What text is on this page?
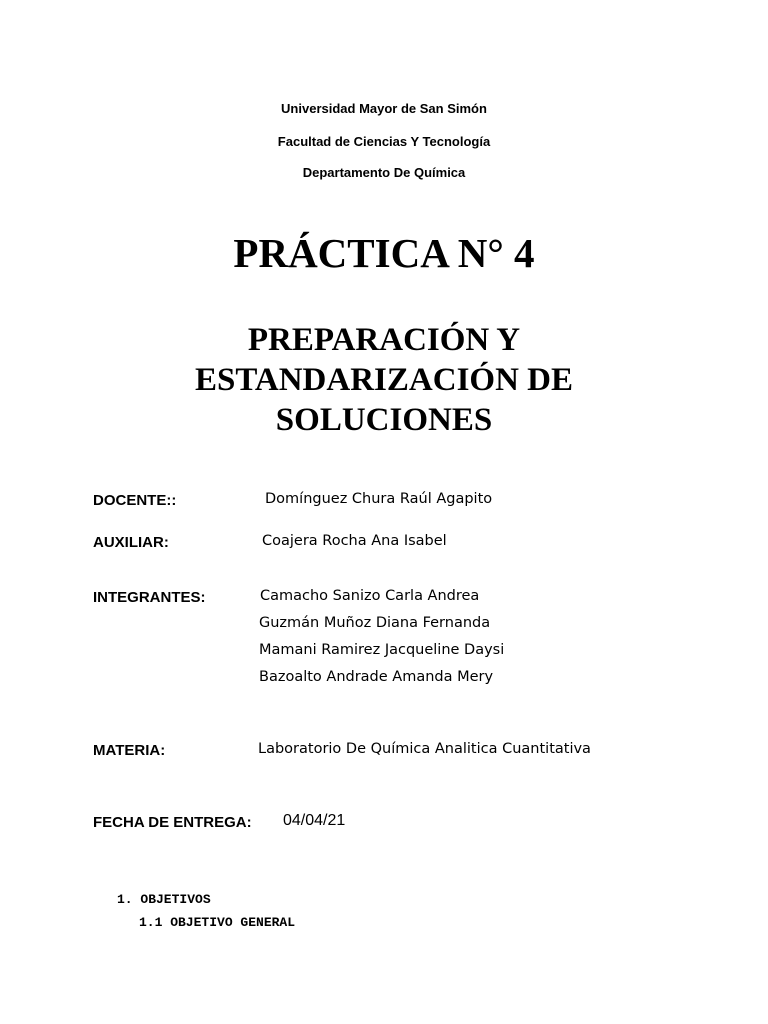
Universidad Mayor de San Simón
Facultad de Ciencias Y Tecnología
Departamento De Química
PRÁCTICA N° 4
PREPARACIÓN Y
ESTANDARIZACIÓN DE
SOLUCIONES
DOCENTE::	Domínguez Chura Raúl Agapito
AUXILIAR:	Coajera Rocha Ana Isabel
INTEGRANTES:	Camacho Sanizo Carla Andrea
Guzmán Muñoz Diana Fernanda
Mamani Ramirez Jacqueline Daysi
Bazoalto Andrade Amanda Mery
MATERIA:	Laboratorio De Química Analitica Cuantitativa
FECHA DE ENTREGA: 04/04/21
1. OBJETIVOS
1.1 OBJETIVO GENERAL
